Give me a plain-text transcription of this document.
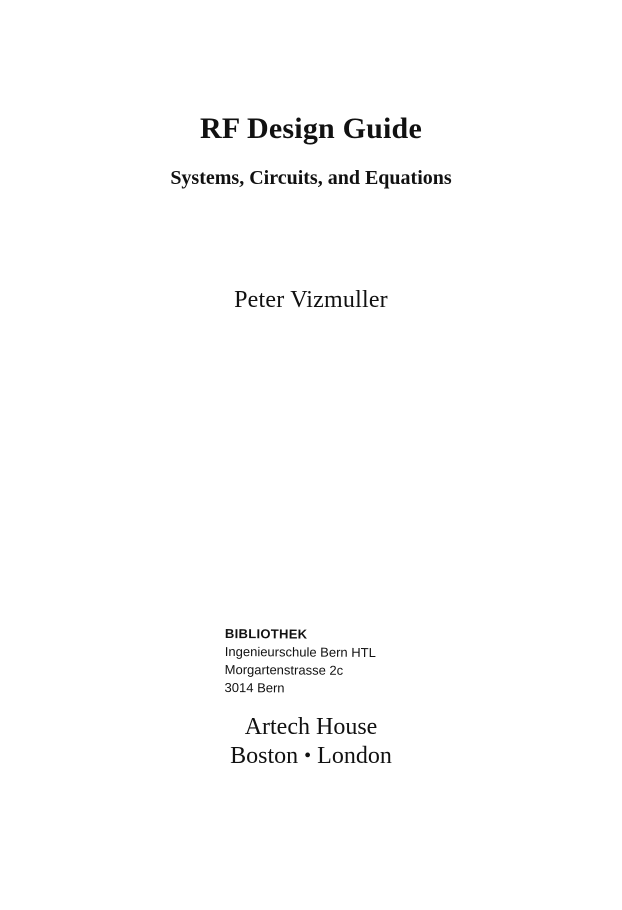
RF Design Guide
Systems, Circuits, and Equations
Peter Vizmuller
BIBLIOTHEK
Ingenieurschule Bern HTL
Morgartenstrasse 2c
3014 Bern
Artech House
Boston • London
